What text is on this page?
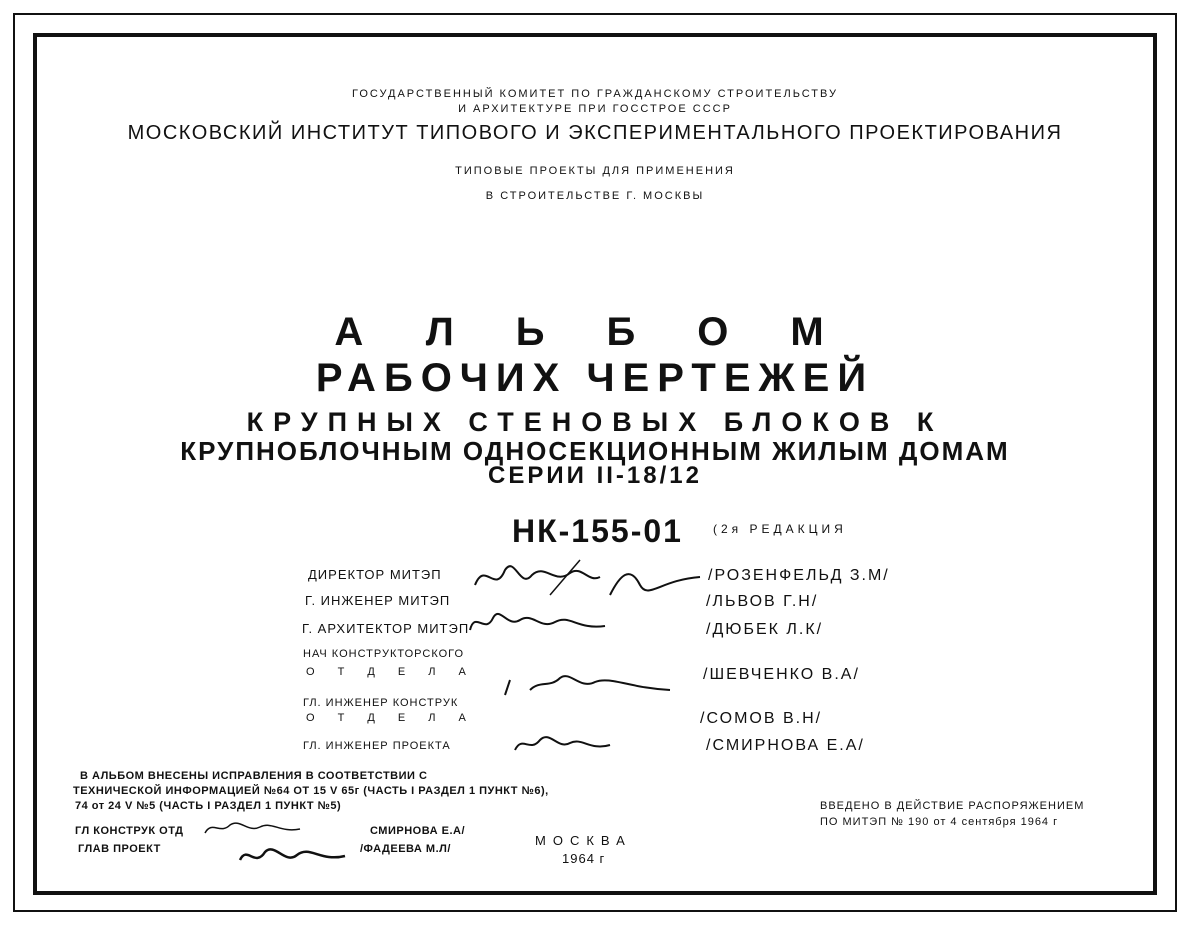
ГОСУДАРСТВЕННЫЙ КОМИТЕТ ПО ГРАЖДАНСКОМУ СТРОИТЕЛЬСТВУ
И АРХИТЕКТУРЕ ПРИ ГОССТРОЕ СССР
МОСКОВСКИЙ ИНСТИТУТ ТИПОВОГО И ЭКСПЕРИМЕНТАЛЬНОГО ПРОЕКТИРОВАНИЯ
ТИПОВЫЕ ПРОЕКТЫ ДЛЯ ПРИМЕНЕНИЯ
В СТРОИТЕЛЬСТВЕ Г. МОСКВЫ
АЛЬБОМ
РАБОЧИХ ЧЕРТЕЖЕЙ
КРУПНЫХ СТЕНОВЫХ БЛОКОВ К
КРУПНОБЛОЧНЫМ ОДНОСЕКЦИОННЫМ ЖИЛЫМ ДОМАМ
СЕРИИ II-18/12
НК-155-01	(2я РЕДАКЦИЯ
ДИРЕКТОР МИТЭП	/РОЗЕНФЕЛЬД З.М/
Г. ИНЖЕНЕР МИТЭП	/ЛЬВОВ Г.Н/
Г. АРХИТЕКТОР МИТЭП	/ДЮБЕК Л.К/
НАЧ КОНСТРУКТОРСКОГО
О Т Д Е Л А	/ШЕВЧЕНКО В.А/
ГЛ. ИНЖЕНЕР КОНСТРУК
О Т Д Е Л А	/СОМОВ В.Н/
ГЛ. ИНЖЕНЕР ПРОЕКТА	/СМИРНОВА Е.А/
В АЛЬБОМ ВНЕСЕНЫ ИСПРАВЛЕНИЯ В СООТВЕТСТВИИ С
ТЕХНИЧЕСКОЙ ИНФОРМАЦИЕЙ №64 ОТ 15 V 65г (ЧАСТЬ I РАЗДЕЛ 1 ПУНКТ №6),
74 от 24 V №5 (ЧАСТЬ I РАЗДЕЛ 1 ПУНКТ №5)
ГЛ КОНСТРУК ОТД	СМИРНОВА Е.А/
ГЛАВ ПРОЕКТ	/ФАДЕЕВА М.Л/
МОСКВА
1964 г
ВВЕДЕНО В ДЕЙСТВИЕ РАСПОРЯЖЕНИЕМ
ПО МИТЭП № 190 от 4 сентября 1964 г
